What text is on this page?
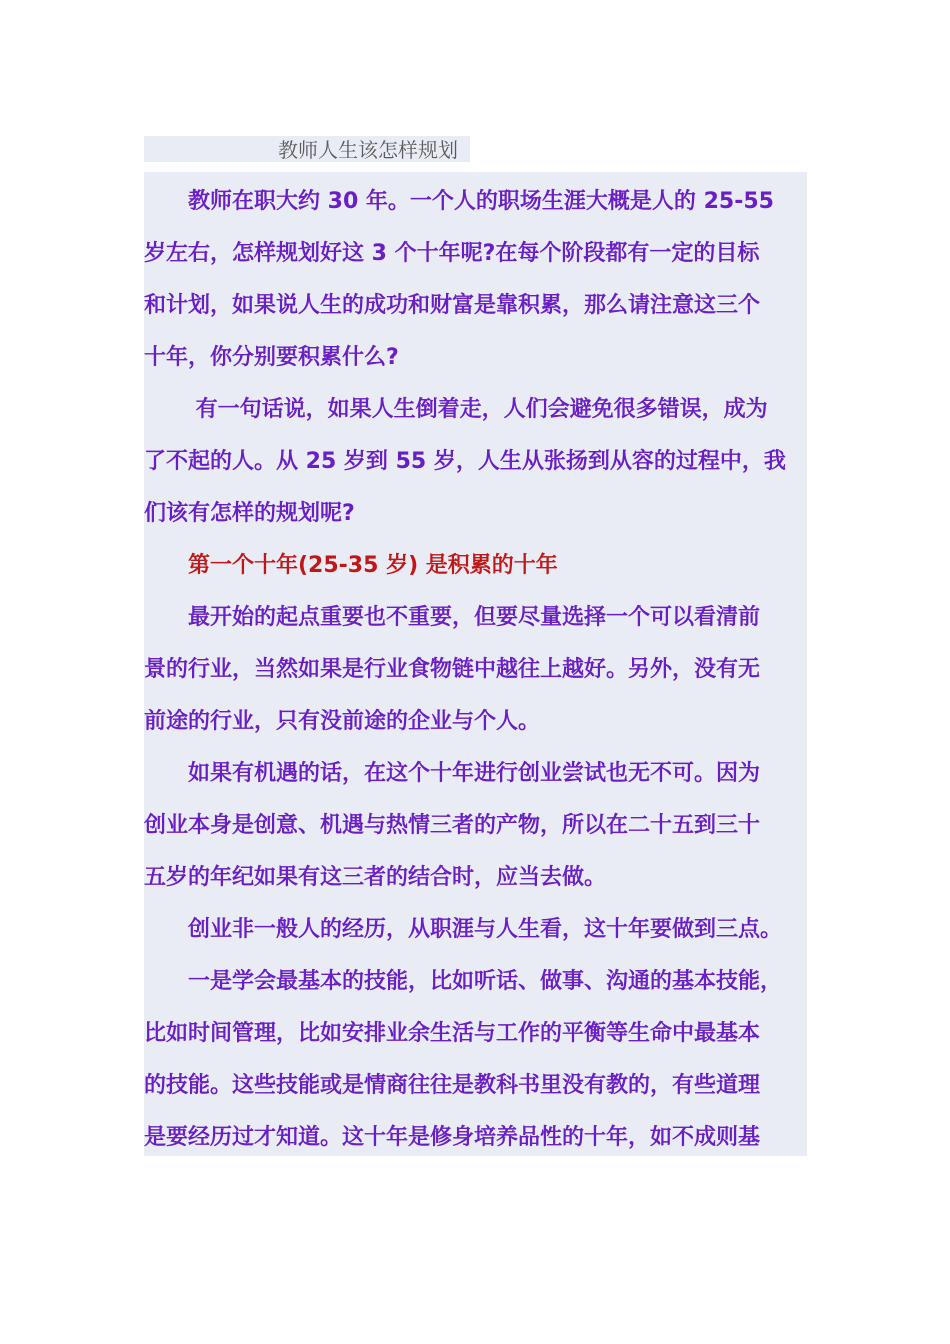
教师人生该怎样规划
　　教师在职大约 30 年。一个人的职场生涯大概是人的 25-55
岁左右，怎样规划好这 3 个十年呢?在每个阶段都有一定的目标
和计划，如果说人生的成功和财富是靠积累，那么请注意这三个
十年，你分别要积累什么?
　　 有一句话说，如果人生倒着走，人们会避免很多错误，成为
了不起的人。从 25 岁到 55 岁，人生从张扬到从容的过程中，我
们该有怎样的规划呢?
　　第一个十年(25-35 岁) 是积累的十年
　　最开始的起点重要也不重要，但要尽量选择一个可以看清前
景的行业，当然如果是行业食物链中越往上越好。另外，没有无
前途的行业，只有没前途的企业与个人。
　　如果有机遇的话，在这个十年进行创业尝试也无不可。因为
创业本身是创意、机遇与热情三者的产物，所以在二十五到三十
五岁的年纪如果有这三者的结合时，应当去做。
　　创业非一般人的经历，从职涯与人生看，这十年要做到三点。
　　一是学会最基本的技能，比如听话、做事、沟通的基本技能，
比如时间管理，比如安排业余生活与工作的平衡等生命中最基本
的技能。这些技能或是情商往往是教科书里没有教的，有些道理
是要经历过才知道。这十年是修身培养品性的十年，如不成则基
